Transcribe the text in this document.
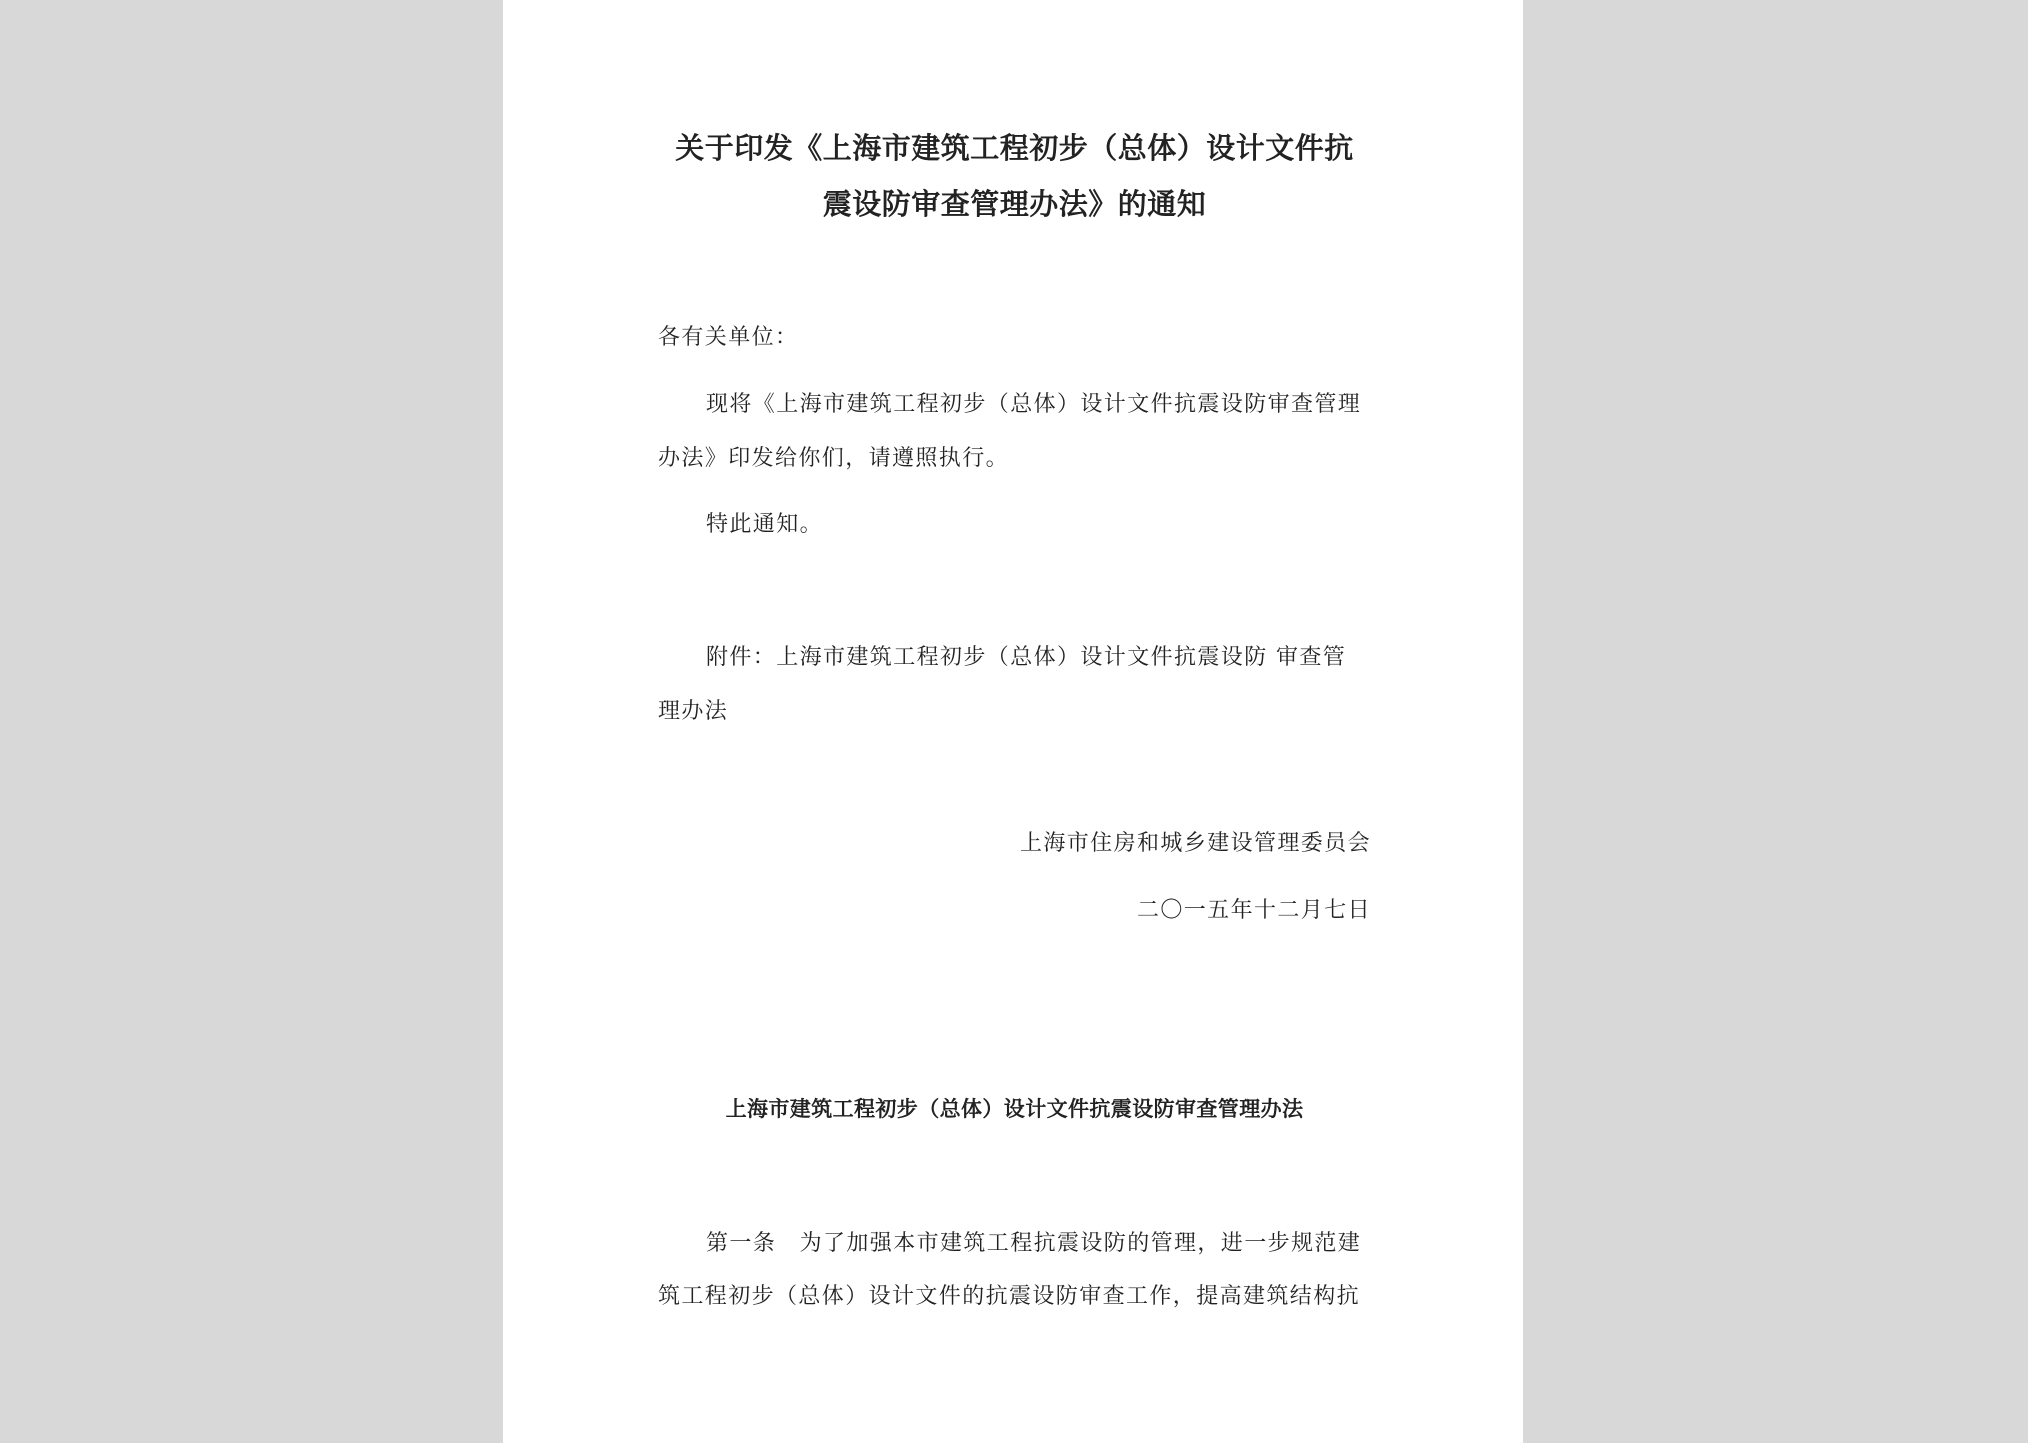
关于印发《上海市建筑工程初步（总体）设计文件抗

震设防审查管理办法》的通知

各有关单位：

现将《上海市建筑工程初步（总体）设计文件抗震设防审查管理

办法》印发给你们，请遵照执行。

特此通知。

附件：上海市建筑工程初步（总体）设计文件抗震设防 审查管

理办法

上海市住房和城乡建设管理委员会

二〇一五年十二月七日

上海市建筑工程初步（总体）设计文件抗震设防审查管理办法

第一条　为了加强本市建筑工程抗震设防的管理，进一步规范建

筑工程初步（总体）设计文件的抗震设防审查工作，提高建筑结构抗
